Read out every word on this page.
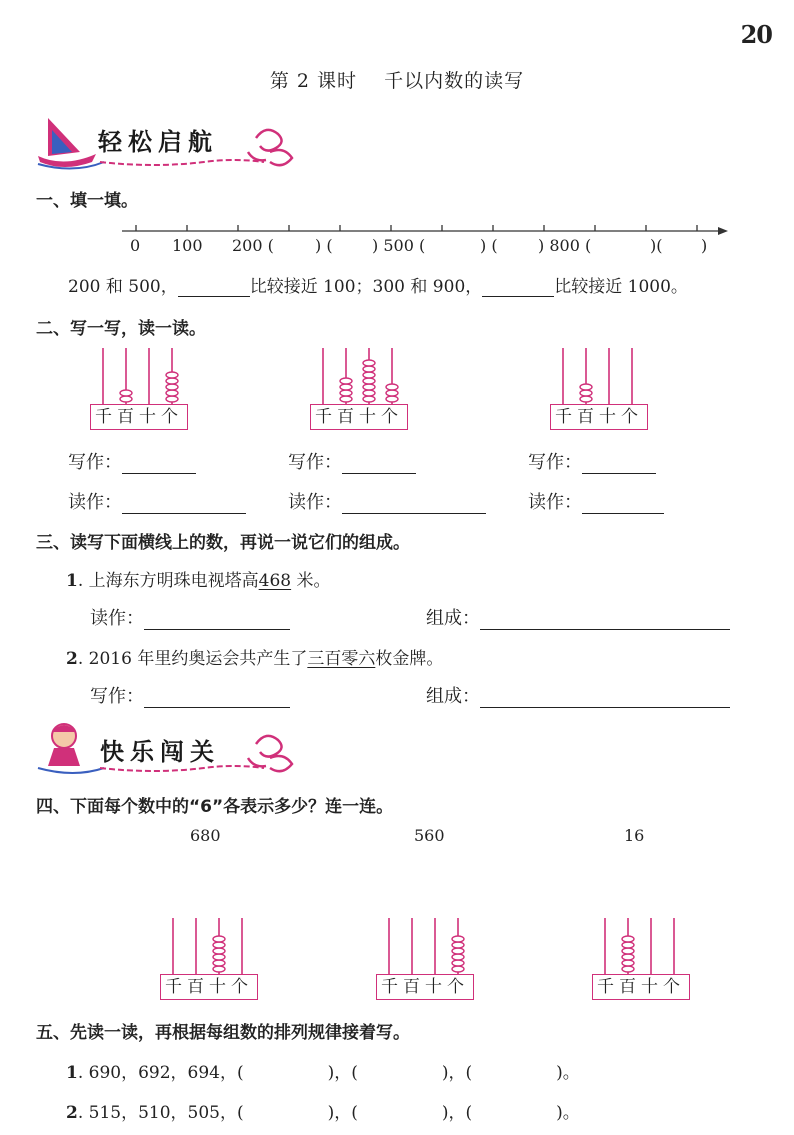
20
第 2 课时　 千以内数的读写
轻松启航
一、填一填。
0 100 200 (	) ( ) 500 (	) (	) 800 (	)( )
200 和 500，	比较接近 100；300 和 900，	比较接近 1000。
二、写一写，读一读。
千百十个	千百十个	千百十个
写作：	写作：	写作：
读作：	读作：	读作：
三、读写下面横线上的数，再说一说它们的组成。
1. 上海东方明珠电视塔高468 米。
读作：	组成：
2. 2016 年里约奥运会共产生了三百零六枚金牌。
写作：	组成：
快乐闯关
四、下面每个数中的“6”各表示多少？连一连。
680	560	16
千百十个	千百十个	千百十个
五、先读一读，再根据每组数的排列规律接着写。
1. 690，692，694，(	)，(	)，(	)。
2. 515，510，505，(	)，(	)，(	)。
